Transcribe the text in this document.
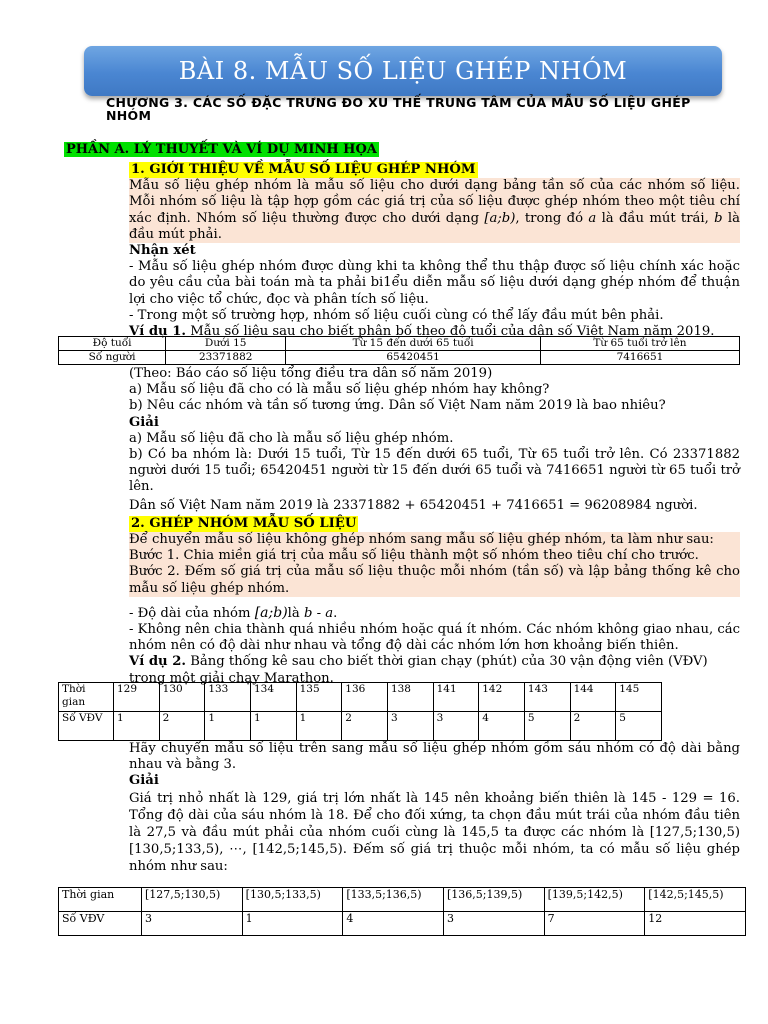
BÀI 8. MẪU SỐ LIỆU GHÉP NHÓM
CHƯƠNG 3. CÁC SỐ ĐẶC TRƯNG ĐO XU THẾ TRUNG TÂM CỦA MẪU SỐ LIỆU GHÉP NHÓM
PHẦN A. LÝ THUYẾT VÀ VÍ DỤ MINH HỌA
1. GIỚI THIỆU VỀ MẪU SỐ LIỆU GHÉP NHÓM

Mẫu số liệu ghép nhóm là mẫu số liệu cho dưới dạng bảng tần số của các nhóm số liệu. Mỗi nhóm số liệu là tập hợp gồm các giá trị của số liệu được ghép nhóm theo một tiêu chí xác định. Nhóm số liệu thường được cho dưới dạng [a;b), trong đó a là đầu mút trái, b là đầu mút phải.

Nhận xét

- Mẫu số liệu ghép nhóm được dùng khi ta không thể thu thập được số liệu chính xác hoặc do yêu cầu của bài toán mà ta phải bi1ểu diễn mẫu số liệu dưới dạng ghép nhóm để thuận lợi cho việc tổ chức, đọc và phân tích số liệu.

- Trong một số trường hợp, nhóm số liệu cuối cùng có thể lấy đầu mút bên phải.

Ví dụ 1. Mẫu số liệu sau cho biết phân bố theo độ tuổi của dân số Việt Nam năm 2019.

Độ tuổi	Dưới 15	Từ 15 đến dưới 65 tuổi	Từ 65 tuổi trở lên
Số người	23371882	65420451	7416651

(Theo: Báo cáo số liệu tổng điều tra dân số năm 2019)

a) Mẫu số liệu đã cho có là mẫu số liệu ghép nhóm hay không?

b) Nêu các nhóm và tần số tương ứng. Dân số Việt Nam năm 2019 là bao nhiêu?

Giải

a) Mẫu số liệu đã cho là mẫu số liệu ghép nhóm.

b) Có ba nhóm là: Dưới 15 tuổi, Từ 15 đến dưới 65 tuổi, Từ 65 tuổi trở lên. Có 23371882 người dưới 15 tuổi; 65420451 người từ 15 đến dưới 65 tuổi và 7416651 người từ 65 tuổi trở lên.

Dân số Việt Nam năm 2019 là 23371882 + 65420451 + 7416651 = 96208984 người.

2. GHÉP NHÓM MẪU SỐ LIỆU

Để chuyển mẫu số liệu không ghép nhóm sang mẫu số liệu ghép nhóm, ta làm như sau:

Bước 1. Chia miền giá trị của mẫu số liệu thành một số nhóm theo tiêu chí cho trước.

Bước 2. Đếm số giá trị của mẫu số liệu thuộc mỗi nhóm (tần số) và lập bảng thống kê cho mẫu số liệu ghép nhóm.

- Độ dài của nhóm [a;b)là b - a.

- Không nên chia thành quá nhiều nhóm hoặc quá ít nhóm. Các nhóm không giao nhau, các nhóm nên có độ dài như nhau và tổng độ dài các nhóm lớn hơn khoảng biến thiên.

Ví dụ 2. Bảng thống kê sau cho biết thời gian chạy (phút) của 30 vận động viên (VĐV) trong một giải chạy Marathon.

Thời gian	129	130	133	134	135	136	138	141	142	143	144	145
Số VĐV	1	2	1	1	1	2	3	3	4	5	2	5

Hãy chuyển mẫu số liệu trên sang mẫu số liệu ghép nhóm gồm sáu nhóm có độ dài bằng nhau và bằng 3.

Giải

Giá trị nhỏ nhất là 129, giá trị lớn nhất là 145 nên khoảng biến thiên là 145 - 129 = 16. Tổng độ dài của sáu nhóm là 18. Để cho đối xứng, ta chọn đầu mút trái của nhóm đầu tiên là 27,5 và đầu mút phải của nhóm cuối cùng là 145,5 ta được các nhóm là [127,5;130,5) [130,5;133,5), ⋯, [142,5;145,5). Đếm số giá trị thuộc mỗi nhóm, ta có mẫu số liệu ghép nhóm như sau:

Thời gian	[127,5;130,5)	[130,5;133,5)	[133,5;136,5)	[136,5;139,5)	[139,5;142,5)	[142,5;145,5)
Số VĐV	3	1	4	3	7	12
